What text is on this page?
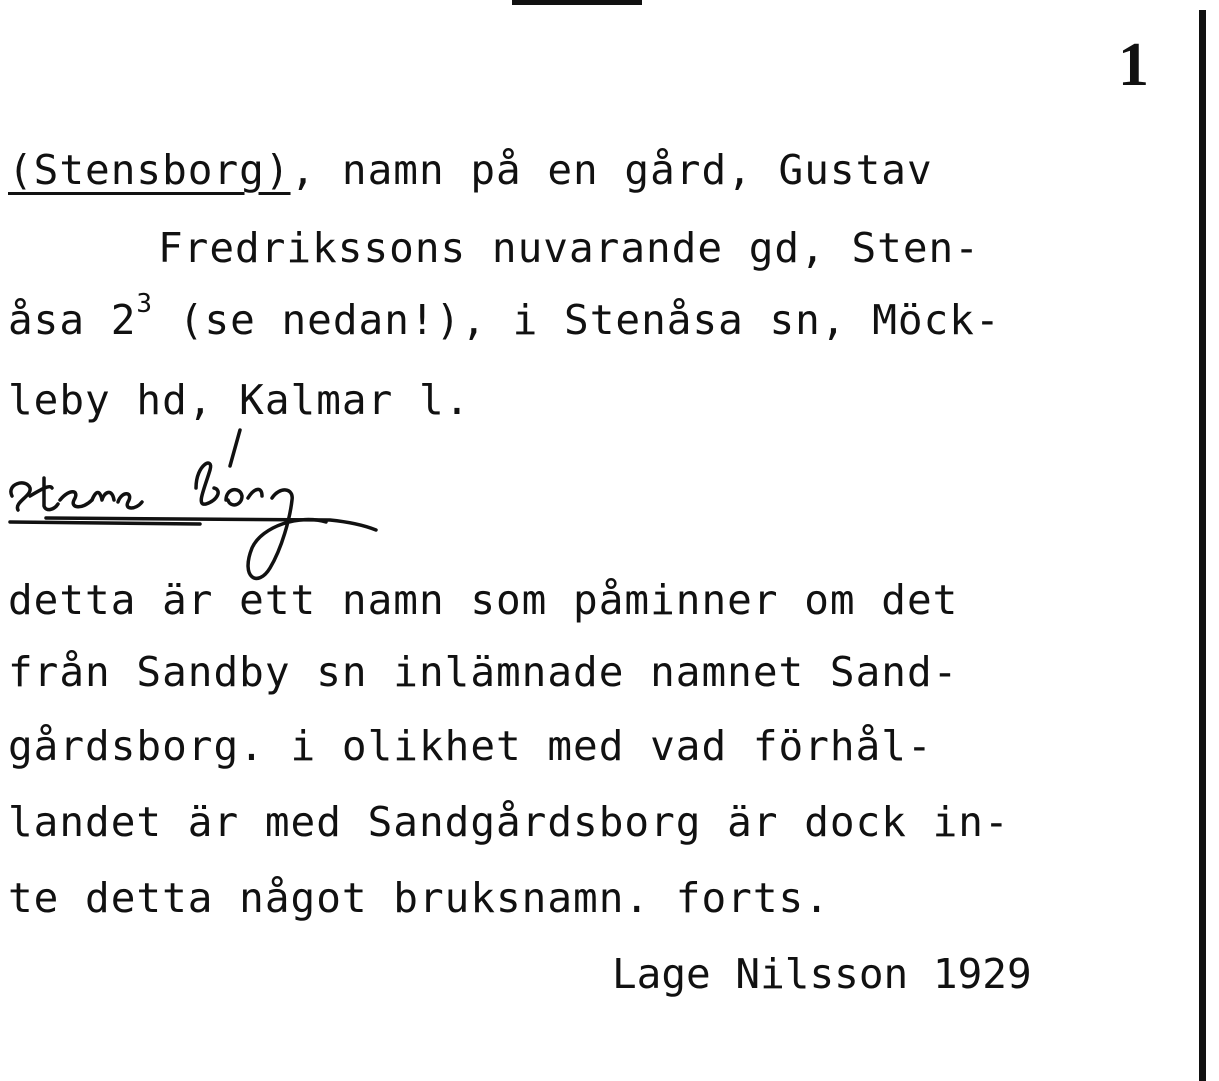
1
(Stensborg), namn på en gård, Gustav
Fredrikssons nuvarande gd, Sten-
åsa $2^3$ (se nedan!), i Stenåsa sn, Möck-
leby hd, Kalmar l.
detta är ett namn som påminner om det
från Sandby sn inlämnade namnet Sand-
gårdsborg. i olikhet med vad förhål-
landet är med Sandgårdsborg är dock in-
te detta något bruksnamn. forts.
Lage Nilsson 1929
